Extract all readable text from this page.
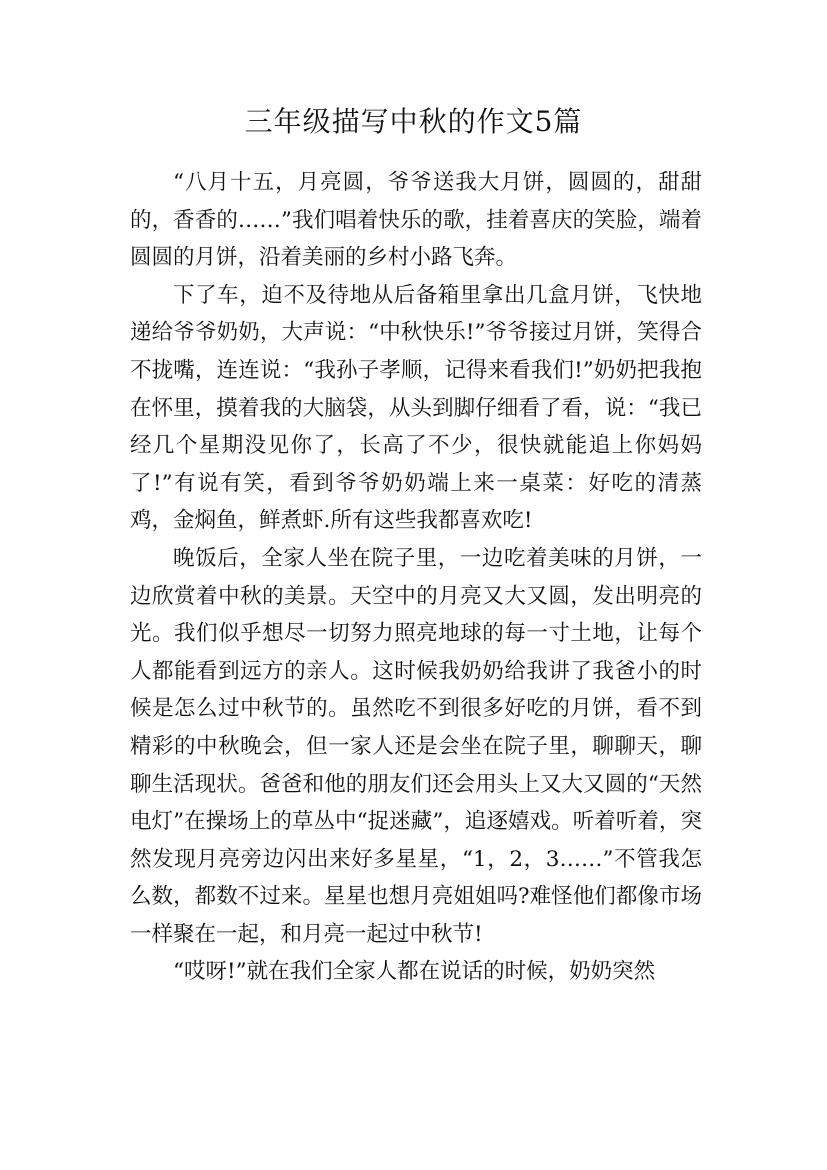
三年级描写中秋的作文5篇

“八月十五，月亮圆，爷爷送我大月饼，圆圆的，甜甜的，香香的……”我们唱着快乐的歌，挂着喜庆的笑脸，端着圆圆的月饼，沿着美丽的乡村小路飞奔。

下了车，迫不及待地从后备箱里拿出几盒月饼，飞快地递给爷爷奶奶，大声说：“中秋快乐!”爷爷接过月饼，笑得合不拢嘴，连连说：“我孙子孝顺，记得来看我们!”奶奶把我抱在怀里，摸着我的大脑袋，从头到脚仔细看了看，说：“我已经几个星期没见你了，长高了不少，很快就能追上你妈妈了!”有说有笑，看到爷爷奶奶端上来一桌菜：好吃的清蒸鸡，金焖鱼，鲜煮虾.所有这些我都喜欢吃!

晚饭后，全家人坐在院子里，一边吃着美味的月饼，一边欣赏着中秋的美景。天空中的月亮又大又圆，发出明亮的光。我们似乎想尽一切努力照亮地球的每一寸土地，让每个人都能看到远方的亲人。这时候我奶奶给我讲了我爸小的时候是怎么过中秋节的。虽然吃不到很多好吃的月饼，看不到精彩的中秋晚会，但一家人还是会坐在院子里，聊聊天，聊聊生活现状。爸爸和他的朋友们还会用头上又大又圆的“天然电灯”在操场上的草丛中“捉迷藏”，追逐嬉戏。听着听着，突然发现月亮旁边闪出来好多星星，“1，2，3……”不管我怎么数，都数不过来。星星也想月亮姐姐吗?难怪他们都像市场一样聚在一起，和月亮一起过中秋节!

“哎呀!”就在我们全家人都在说话的时候，奶奶突然
